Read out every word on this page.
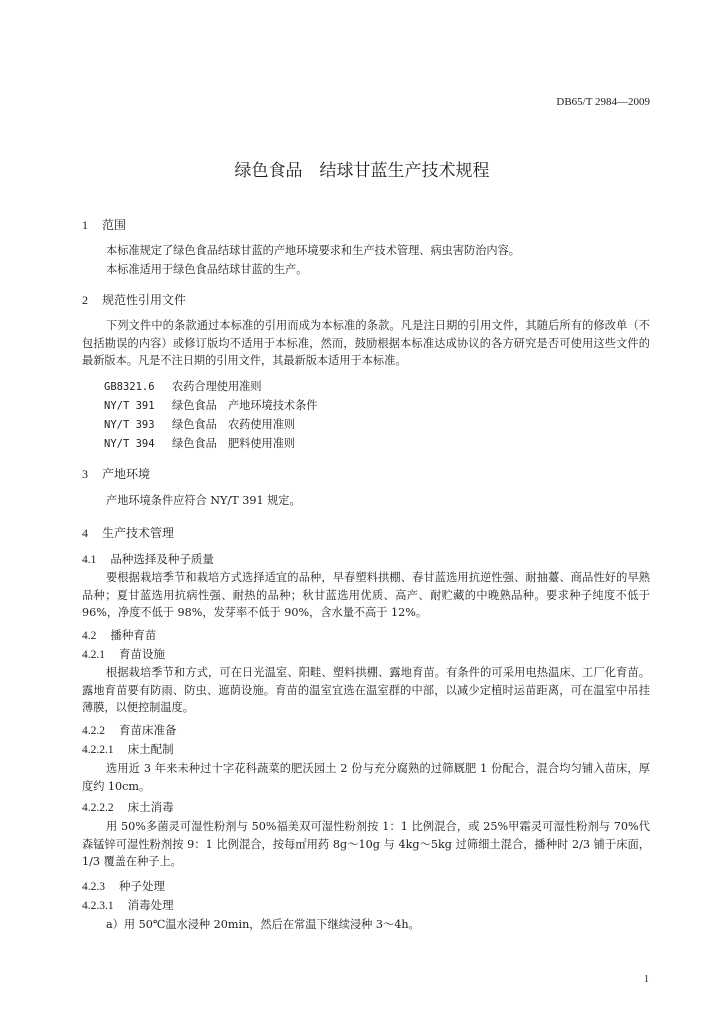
DB65/T 2984—2009
绿色食品　结球甘蓝生产技术规程
1 范围
本标准规定了绿色食品结球甘蓝的产地环境要求和生产技术管理、病虫害防治内容。
本标准适用于绿色食品结球甘蓝的生产。
2 规范性引用文件
下列文件中的条款通过本标准的引用而成为本标准的条款。凡是注日期的引用文件，其随后所有的修改单（不包括勘误的内容）或修订版均不适用于本标准，然而，鼓励根据本标准达成协议的各方研究是否可使用这些文件的最新版本。凡是不注日期的引用文件，其最新版本适用于本标准。
GB8321.6 农药合理使用准则
NY/T 391 绿色食品　产地环境技术条件
NY/T 393 绿色食品　农药使用准则
NY/T 394 绿色食品　肥料使用准则
3 产地环境
产地环境条件应符合 NY/T 391 规定。
4 生产技术管理
4.1 品种选择及种子质量
要根据栽培季节和栽培方式选择适宜的品种，早春塑料拱棚、春甘蓝选用抗逆性强、耐抽薹、商品性好的早熟品种；夏甘蓝选用抗病性强、耐热的品种；秋甘蓝选用优质、高产、耐贮藏的中晚熟品种。要求种子纯度不低于 96%，净度不低于 98%，发芽率不低于 90%，含水量不高于 12%。
4.2 播种育苗
4.2.1 育苗设施
根据栽培季节和方式，可在日光温室、阳畦、塑料拱棚、露地育苗。有条件的可采用电热温床、工厂化育苗。露地育苗要有防雨、防虫、遮荫设施。育苗的温室宜选在温室群的中部，以减少定植时运苗距离，可在温室中吊挂薄膜，以便控制温度。
4.2.2 育苗床准备
4.2.2.1 床土配制
选用近 3 年来未种过十字花科蔬菜的肥沃园土 2 份与充分腐熟的过筛厩肥 1 份配合，混合均匀铺入苗床，厚度约 10cm。
4.2.2.2 床土消毒
用 50%多菌灵可湿性粉剂与 50%福美双可湿性粉剂按 1：1 比例混合，或 25%甲霜灵可湿性粉剂与 70%代森锰锌可湿性粉剂按 9：1 比例混合，按每㎡用药 8g～10g 与 4kg～5kg 过筛细土混合，播种时 2/3 铺于床面，1/3 覆盖在种子上。
4.2.3 种子处理
4.2.3.1 消毒处理
a）用 50℃温水浸种 20min，然后在常温下继续浸种 3～4h。
1
